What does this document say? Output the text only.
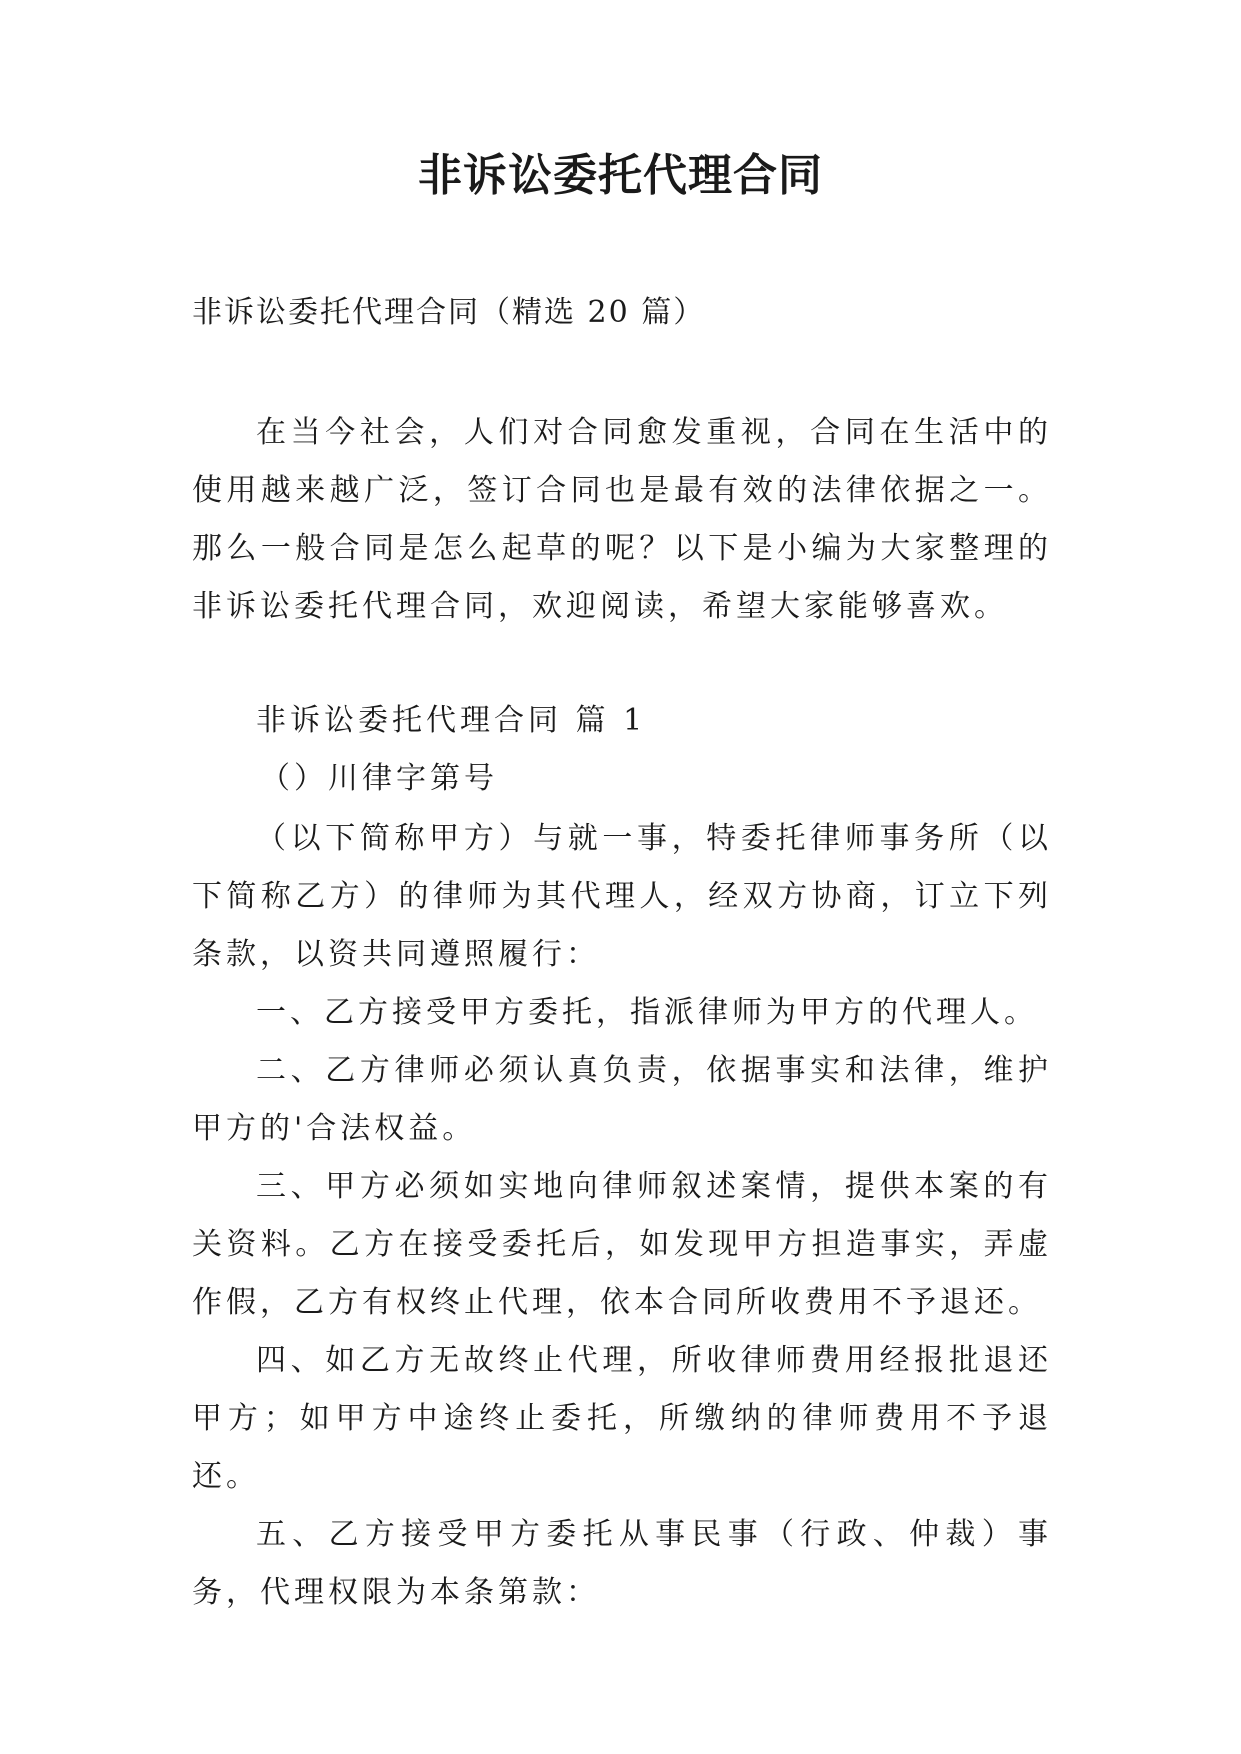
非诉讼委托代理合同

非诉讼委托代理合同（精选 20 篇）

在当今社会，人们对合同愈发重视，合同在生活中的使用越来越广泛，签订合同也是最有效的法律依据之一。那么一般合同是怎么起草的呢？以下是小编为大家整理的非诉讼委托代理合同，欢迎阅读，希望大家能够喜欢。

非诉讼委托代理合同 篇 1

（）川律字第号

（以下简称甲方）与就一事，特委托律师事务所（以下简称乙方）的律师为其代理人，经双方协商，订立下列条款，以资共同遵照履行：

一、乙方接受甲方委托，指派律师为甲方的代理人。

二、乙方律师必须认真负责，依据事实和法律，维护甲方的'合法权益。

三、甲方必须如实地向律师叙述案情，提供本案的有关资料。乙方在接受委托后，如发现甲方担造事实，弄虚作假，乙方有权终止代理，依本合同所收费用不予退还。

四、如乙方无故终止代理，所收律师费用经报批退还甲方；如甲方中途终止委托，所缴纳的律师费用不予退还。

五、乙方接受甲方委托从事民事（行政、仲裁）事务，代理权限为本条第款：
